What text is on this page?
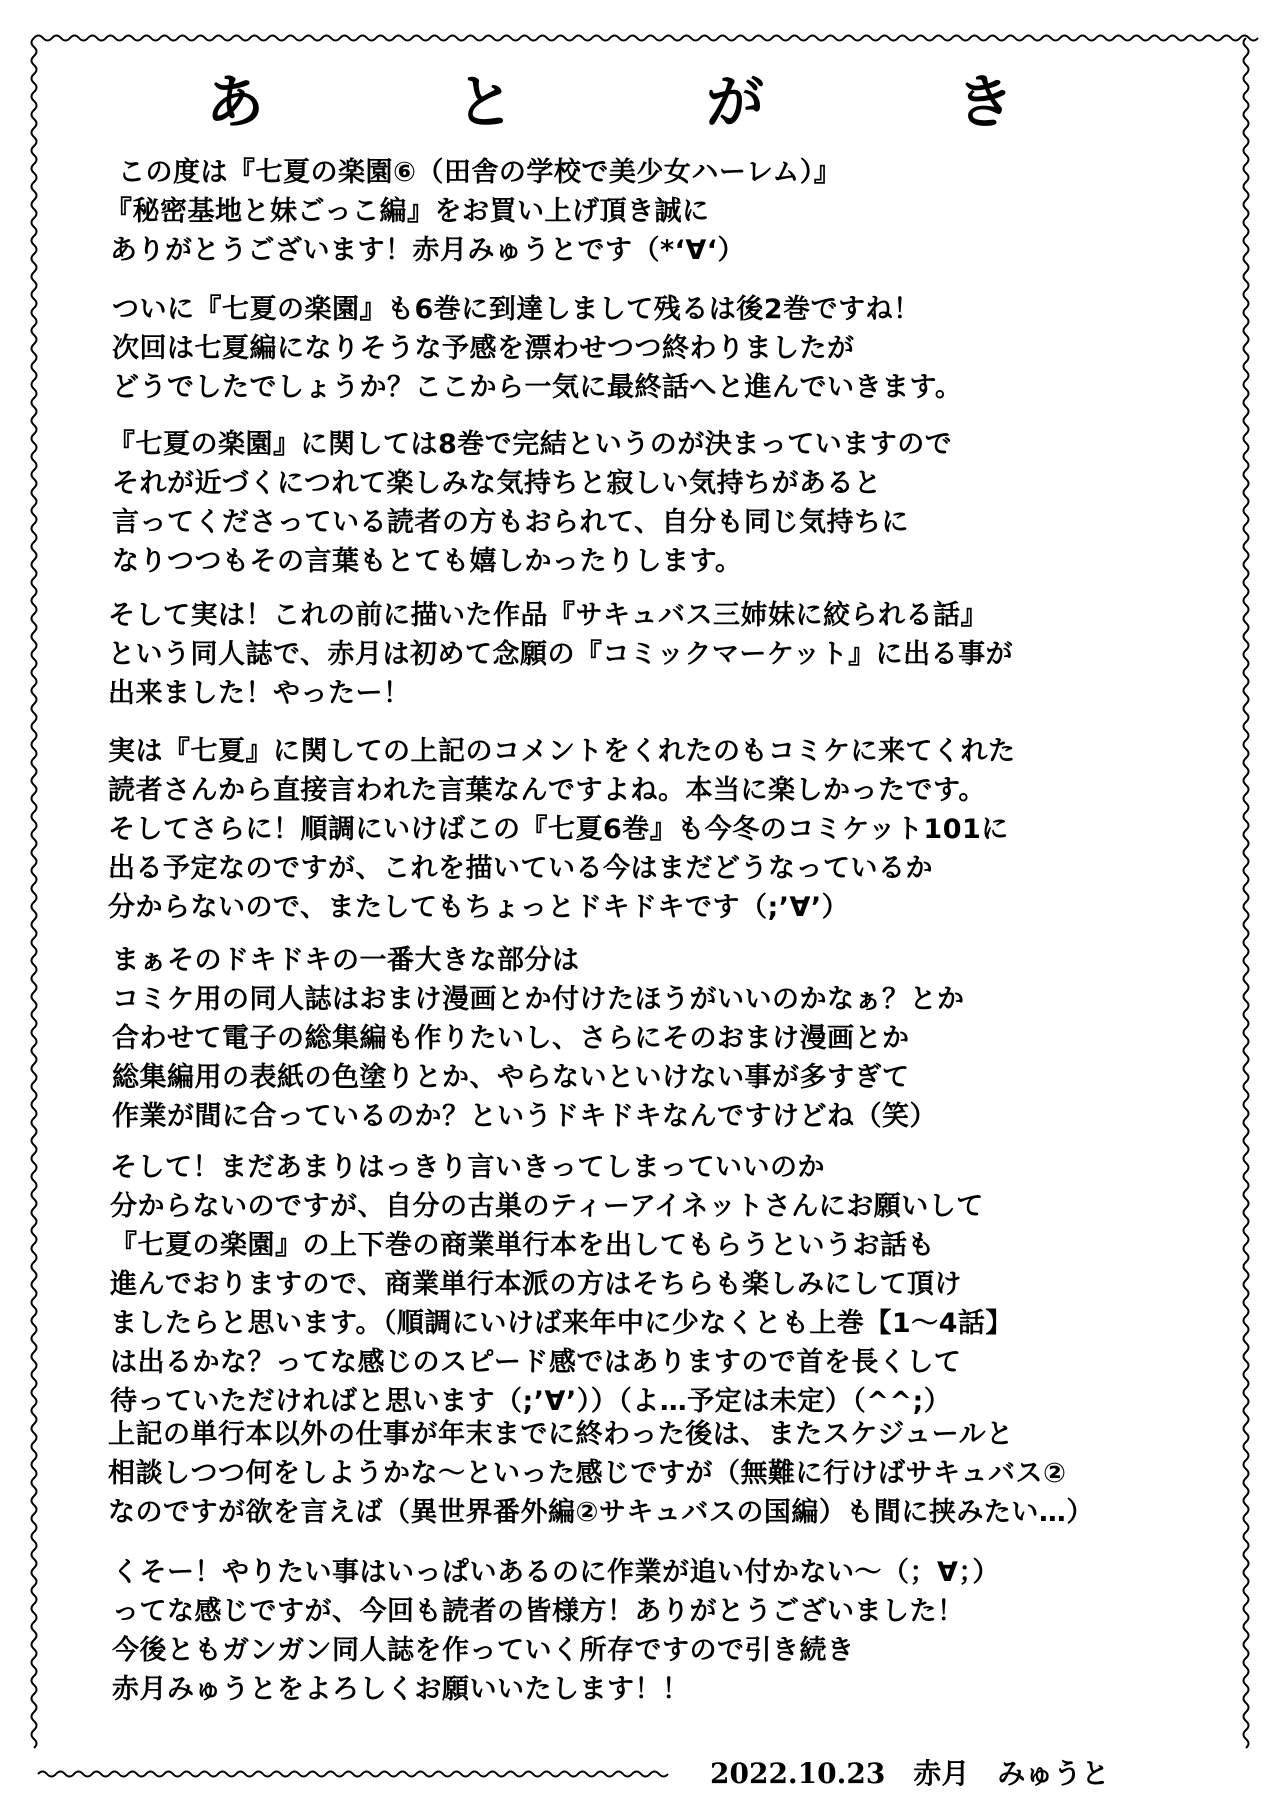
あ	と	が	き
この度は『七夏の楽園⑥（田舎の学校で美少女ハーレム）』
『秘密基地と妹ごっこ編』をお買い上げ頂き誠に
ありがとうございます！赤月みゅうとです（*‘∀‘）
ついに『七夏の楽園』も6巻に到達しまして残るは後2巻ですね！
次回は七夏編になりそうな予感を漂わせつつ終わりましたが
どうでしたでしょうか？ここから一気に最終話へと進んでいきます。
『七夏の楽園』に関しては8巻で完結というのが決まっていますので
それが近づくにつれて楽しみな気持ちと寂しい気持ちがあると
言ってくださっている読者の方もおられて、自分も同じ気持ちに
なりつつもその言葉もとても嬉しかったりします。
そして実は！これの前に描いた作品『サキュバス三姉妹に絞られる話』
という同人誌で、赤月は初めて念願の『コミックマーケット』に出る事が
出来ました！やったー！
実は『七夏』に関しての上記のコメントをくれたのもコミケに来てくれた
読者さんから直接言われた言葉なんですよね。本当に楽しかったです。
そしてさらに！順調にいけばこの『七夏6巻』も今冬のコミケット101に
出る予定なのですが、これを描いている今はまだどうなっているか
分からないので、またしてもちょっとドキドキです（;’∀’）
まぁそのドキドキの一番大きな部分は
コミケ用の同人誌はおまけ漫画とか付けたほうがいいのかなぁ？とか
合わせて電子の総集編も作りたいし、さらにそのおまけ漫画とか
総集編用の表紙の色塗りとか、やらないといけない事が多すぎて
作業が間に合っているのか？というドキドキなんですけどね（笑）
そして！まだあまりはっきり言いきってしまっていいのか
分からないのですが、自分の古巣のティーアイネットさんにお願いして
『七夏の楽園』の上下巻の商業単行本を出してもらうというお話も
進んでおりますので、商業単行本派の方はそちらも楽しみにして頂け
ましたらと思います。（順調にいけば来年中に少なくとも上巻【1～4話】
は出るかな？ってな感じのスピード感ではありますので首を長くして
待っていただければと思います（;’∀’））（よ…予定は未定）（^^;）
上記の単行本以外の仕事が年末までに終わった後は、またスケジュールと
相談しつつ何をしようかな～といった感じですが（無難に行けばサキュバス②
なのですが欲を言えば（異世界番外編②サキュバスの国編）も間に挟みたい…）
くそー！やりたい事はいっぱいあるのに作業が追い付かない～（；∀；）
ってな感じですが、今回も読者の皆様方！ありがとうございました！
今後ともガンガン同人誌を作っていく所存ですので引き続き
赤月みゅうとをよろしくお願いいたします！！
2022.10.23　赤月　みゅうと
